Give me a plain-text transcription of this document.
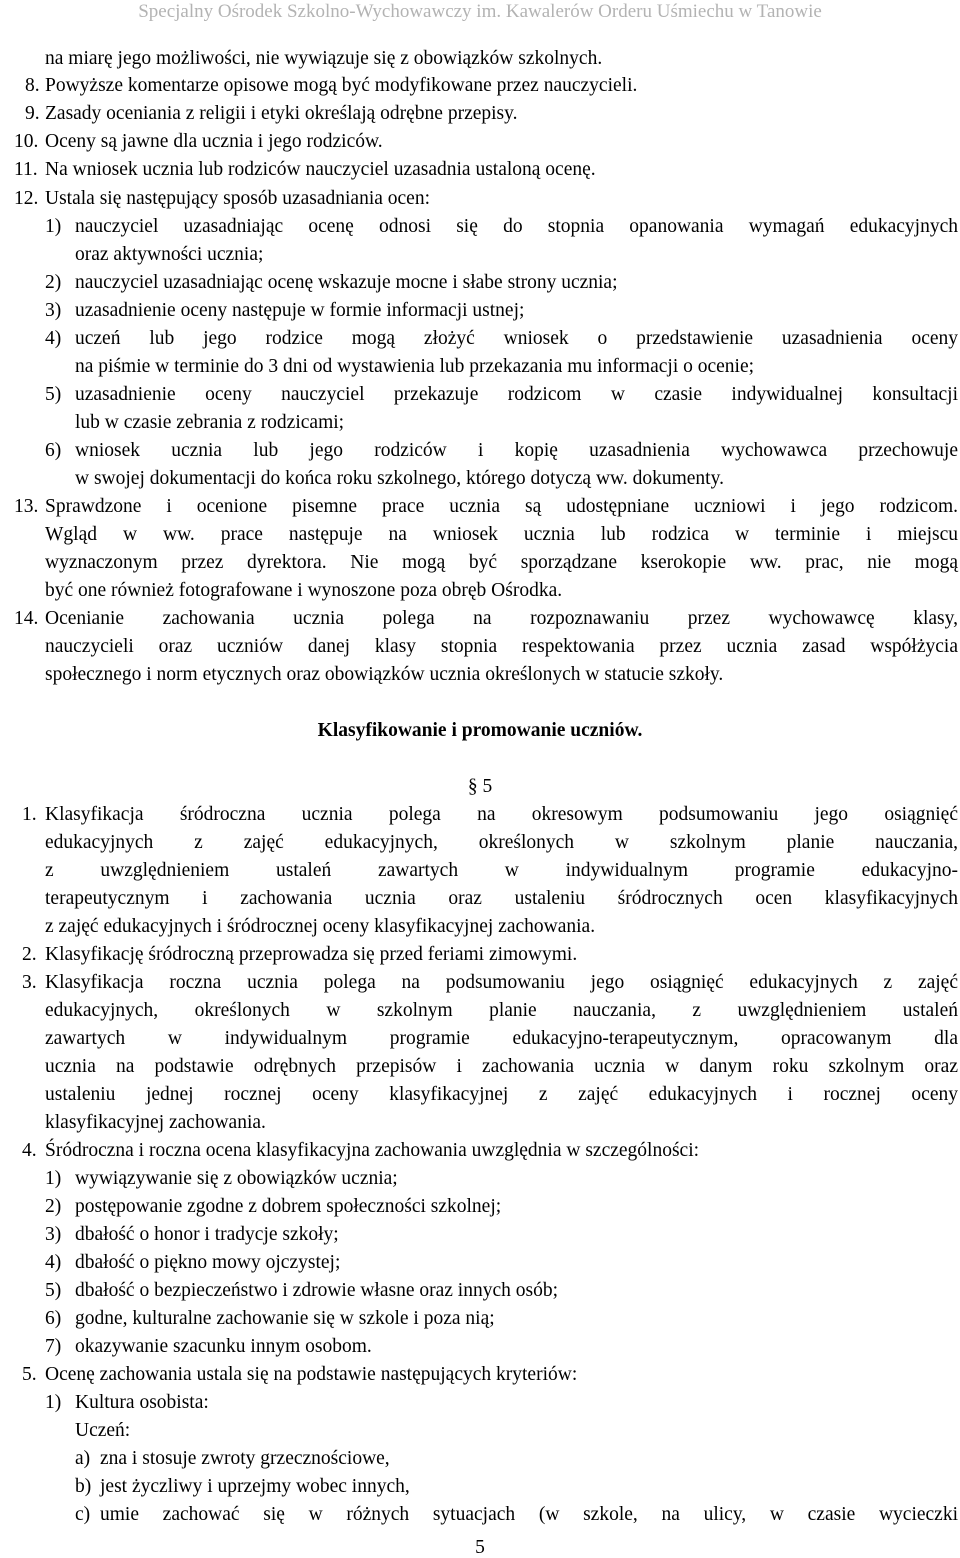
Specjalny Ośrodek Szkolno-Wychowawczy im. Kawalerów Orderu Uśmiechu w Tanowie
na miarę jego możliwości, nie wywiązuje się z obowiązków szkolnych.
8. Powyższe komentarze opisowe mogą być modyfikowane przez nauczycieli.
9. Zasady oceniania z religii i etyki określają odrębne przepisy.
10. Oceny są jawne dla ucznia i jego rodziców.
11. Na wniosek ucznia lub rodziców nauczyciel uzasadnia ustaloną ocenę.
12. Ustala się następujący sposób uzasadniania ocen:
1) nauczyciel uzasadniając ocenę odnosi się do stopnia opanowania wymagań edukacyjnych
oraz aktywności ucznia;
2) nauczyciel uzasadniając ocenę wskazuje mocne i słabe strony ucznia;
3) uzasadnienie oceny następuje w formie informacji ustnej;
4) uczeń lub jego rodzice mogą złożyć wniosek o przedstawienie uzasadnienia oceny
na piśmie w terminie do 3 dni od wystawienia lub przekazania mu informacji o ocenie;
5) uzasadnienie oceny nauczyciel przekazuje rodzicom w czasie indywidualnej konsultacji
lub w czasie zebrania z rodzicami;
6) wniosek ucznia lub jego rodziców i kopię uzasadnienia wychowawca przechowuje
w swojej dokumentacji do końca roku szkolnego, którego dotyczą ww. dokumenty.
13. Sprawdzone i ocenione pisemne prace ucznia są udostępniane uczniowi i jego rodzicom.
Wgląd w ww. prace następuje na wniosek ucznia lub rodzica w terminie i miejscu
wyznaczonym przez dyrektora. Nie mogą być sporządzane kserokopie ww. prac, nie mogą
być one również fotografowane i wynoszone poza obręb Ośrodka.
14. Ocenianie zachowania ucznia polega na rozpoznawaniu przez wychowawcę klasy,
nauczycieli oraz uczniów danej klasy stopnia respektowania przez ucznia zasad współżycia
społecznego i norm etycznych oraz obowiązków ucznia określonych w statucie szkoły.
Klasyfikowanie i promowanie uczniów.
§ 5
1. Klasyfikacja śródroczna ucznia polega na okresowym podsumowaniu jego osiągnięć
edukacyjnych z zajęć edukacyjnych, określonych w szkolnym planie nauczania,
z uwzględnieniem ustaleń zawartych w indywidualnym programie edukacyjno-
terapeutycznym i zachowania ucznia oraz ustaleniu śródrocznych ocen klasyfikacyjnych
z zajęć edukacyjnych i śródrocznej oceny klasyfikacyjnej zachowania.
2. Klasyfikację śródroczną przeprowadza się przed feriami zimowymi.
3. Klasyfikacja roczna ucznia polega na podsumowaniu jego osiągnięć edukacyjnych z zajęć
edukacyjnych, określonych w szkolnym planie nauczania, z uwzględnieniem ustaleń
zawartych w indywidualnym programie edukacyjno-terapeutycznym, opracowanym dla
ucznia na podstawie odrębnych przepisów i zachowania ucznia w danym roku szkolnym oraz
ustaleniu jednej rocznej oceny klasyfikacyjnej z zajęć edukacyjnych i rocznej oceny
klasyfikacyjnej zachowania.
4. Śródroczna i roczna ocena klasyfikacyjna zachowania uwzględnia w szczególności:
1) wywiązywanie się z obowiązków ucznia;
2) postępowanie zgodne z dobrem społeczności szkolnej;
3) dbałość o honor i tradycje szkoły;
4) dbałość o piękno mowy ojczystej;
5) dbałość o bezpieczeństwo i zdrowie własne oraz innych osób;
6) godne, kulturalne zachowanie się w szkole i poza nią;
7) okazywanie szacunku innym osobom.
5. Ocenę zachowania ustala się na podstawie następujących kryteriów:
1) Kultura osobista:
Uczeń:
a) zna i stosuje zwroty grzecznościowe,
b) jest życzliwy i uprzejmy wobec innych,
c) umie zachować się w różnych sytuacjach (w szkole, na ulicy, w czasie wycieczki
5
